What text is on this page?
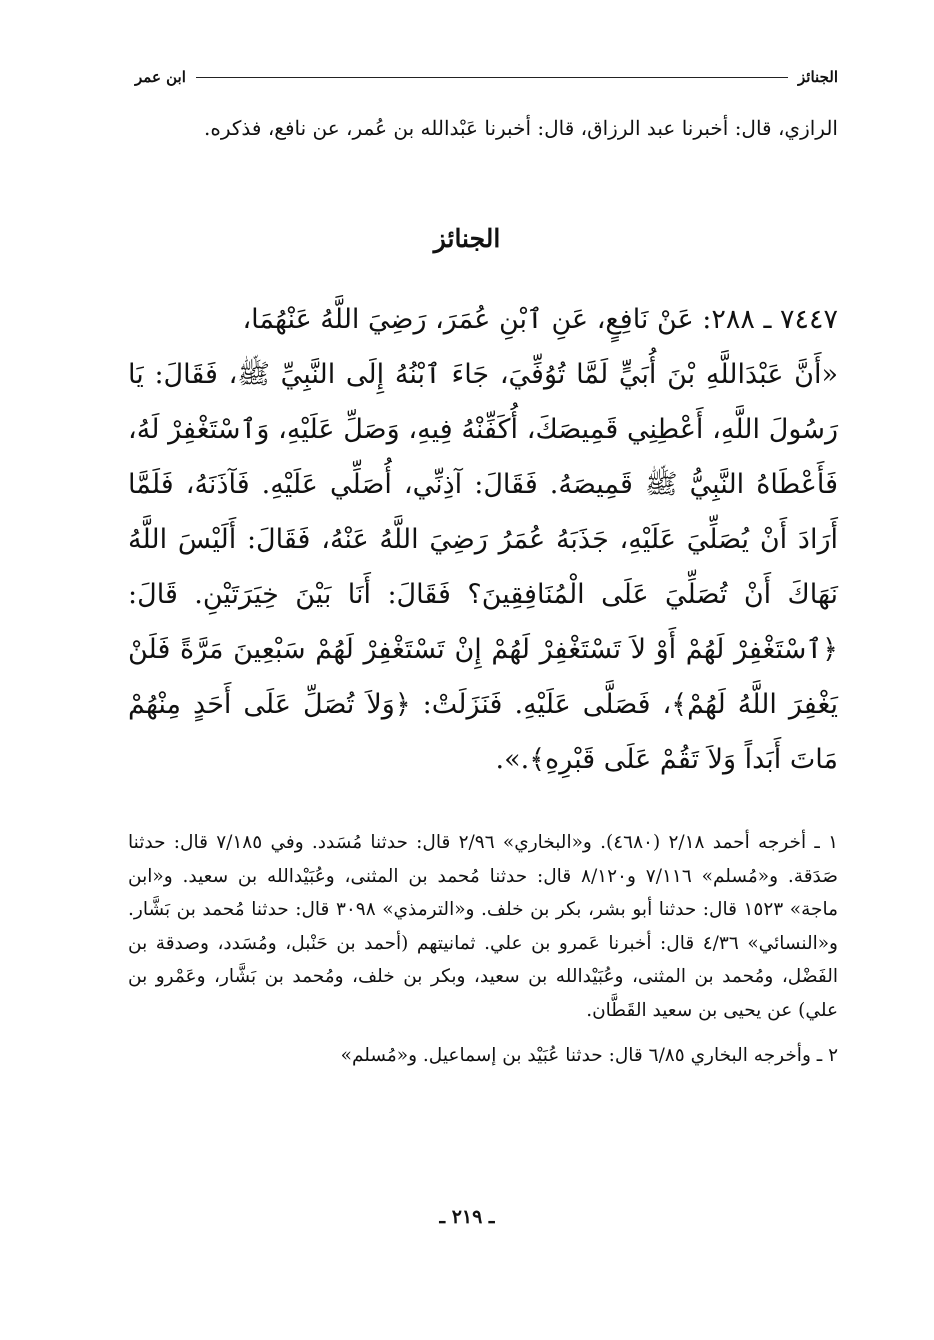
الجنائز
ابن عمر
الرازي، قال: أخبرنا عبد الرزاق، قال: أخبرنا عَبْدالله بن عُمر، عن نافع، فذكره.
الجنائز

٧٤٤٧ ـ ٢٨٨: عَنْ نَافِعٍ، عَنِ ٱبْنِ عُمَرَ، رَضِيَ اللَّهُ عَنْهُمَا،

«أَنَّ عَبْدَاللَّهِ بْنَ أُبَيٍّ لَمَّا تُوُفِّيَ، جَاءَ ٱبْنُهُ إِلَى النَّبِيِّ ﷺ، فَقَالَ: يَا رَسُولَ اللَّهِ، أَعْطِنِي قَمِيصَكَ، أُكَفِّنْهُ فِيهِ، وَصَلِّ عَلَيْهِ، وَٱسْتَغْفِرْ لَهُ، فَأَعْطَاهُ النَّبِيُّ ﷺ قَمِيصَهُ. فَقَالَ: آذِنِّي، أُصَلِّي عَلَيْهِ. فَآذَنَهُ، فَلَمَّا أَرَادَ أَنْ يُصَلِّيَ عَلَيْهِ، جَذَبَهُ عُمَرُ رَضِيَ اللَّهُ عَنْهُ، فَقَالَ: أَلَيْسَ اللَّهُ نَهَاكَ أَنْ تُصَلِّيَ عَلَى الْمُنَافِقِينَ؟ فَقَالَ: أَنَا بَيْنَ خِيَرَتَيْنِ. قَالَ: ﴿ٱسْتَغْفِرْ لَهُمْ أَوْ لاَ تَسْتَغْفِرْ لَهُمْ إِنْ تَسْتَغْفِرْ لَهُمْ سَبْعِينَ مَرَّةً فَلَنْ يَغْفِرَ اللَّهُ لَهُمْ﴾، فَصَلَّى عَلَيْهِ. فَنَزَلَتْ: ﴿وَلاَ تُصَلِّ عَلَى أَحَدٍ مِنْهُمْ مَاتَ أَبَداً وَلاَ تَقُمْ عَلَى قَبْرِهِ﴾.».

١ ـ أخرجه أحمد ٢/١٨ (٤٦٨٠). و«البخاري» ٢/٩٦ قال: حدثنا مُسَدد. وفي ٧/١٨٥ قال: حدثنا صَدَقة. و«مُسلم» ٧/١١٦ و٨/١٢٠ قال: حدثنا مُحمد بن المثنى، وعُبَيْدالله بن سعيد. و«ابن ماجة» ١٥٢٣ قال: حدثنا أبو بشر، بكر بن خلف. و«الترمذي» ٣٠٩٨ قال: حدثنا مُحمد بن بَشَّار. و«النسائي» ٤/٣٦ قال: أخبرنا عَمرو بن علي. ثمانيتهم (أحمد بن حَنْبل، ومُسَدد، وصدقة بن الفَضْل، ومُحمد بن المثنى، وعُبَيْدالله بن سعيد، وبكر بن خلف، ومُحمد بن بَشَّار، وعَمْرو بن علي) عن يحيى بن سعيد القَطَّان.

٢ ـ وأخرجه البخاري ٦/٨٥ قال: حدثنا عُبَيْد بن إسماعيل. و«مُسلم»

ـ ٢١٩ ـ
